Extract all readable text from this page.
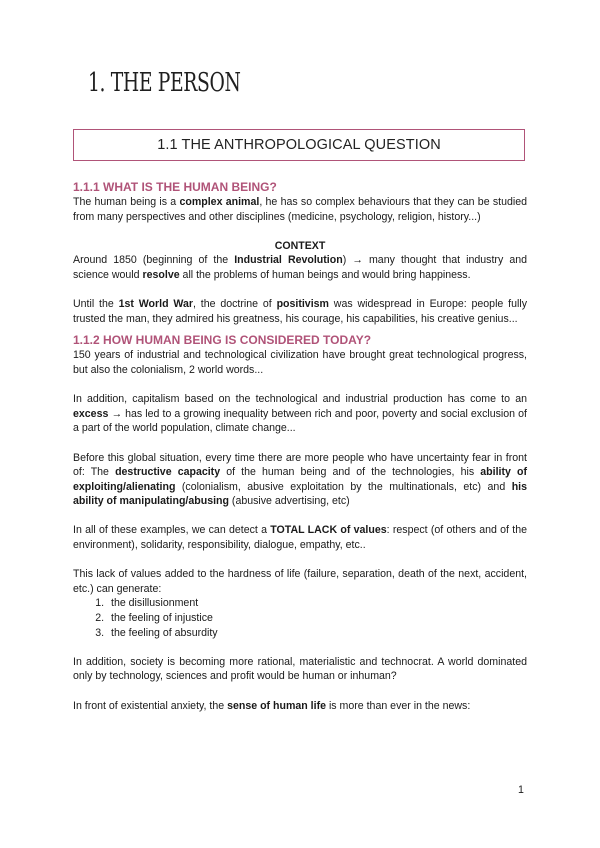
1. THE PERSON
1.1 THE ANTHROPOLOGICAL QUESTION
1.1.1 WHAT IS THE HUMAN BEING?

The human being is a complex animal, he has so complex behaviours that they can be studied from many perspectives and other disciplines (medicine, psychology, religion, history...)

CONTEXT

Around 1850 (beginning of the Industrial Revolution) → many thought that industry and science would resolve all the problems of human beings and would bring happiness.

Until the 1st World War, the doctrine of positivism was widespread in Europe: people fully trusted the man, they admired his greatness, his courage, his capabilities, his creative genius...

1.1.2 HOW HUMAN BEING IS CONSIDERED TODAY?

150 years of industrial and technological civilization have brought great technological progress, but also the colonialism, 2 world words...

In addition, capitalism based on the technological and industrial production has come to an excess → has led to a growing inequality between rich and poor, poverty and social exclusion of a part of the world population, climate change...

Before this global situation, every time there are more people who have uncertainty fear in front of: The destructive capacity of the human being and of the technologies, his ability of exploiting/alienating (colonialism, abusive exploitation by the multinationals, etc) and his ability of manipulating/abusing (abusive advertising, etc)

In all of these examples, we can detect a TOTAL LACK of values: respect (of others and of the environment), solidarity, responsibility, dialogue, empathy, etc..

This lack of values added to the hardness of life (failure, separation, death of the next, accident, etc.) can generate:

1. the disillusionment
2. the feeling of injustice
3. the feeling of absurdity

In addition, society is becoming more rational, materialistic and technocrat. A world dominated only by technology, sciences and profit would be human or inhuman?

In front of existential anxiety, the sense of human life is more than ever in the news:

1
